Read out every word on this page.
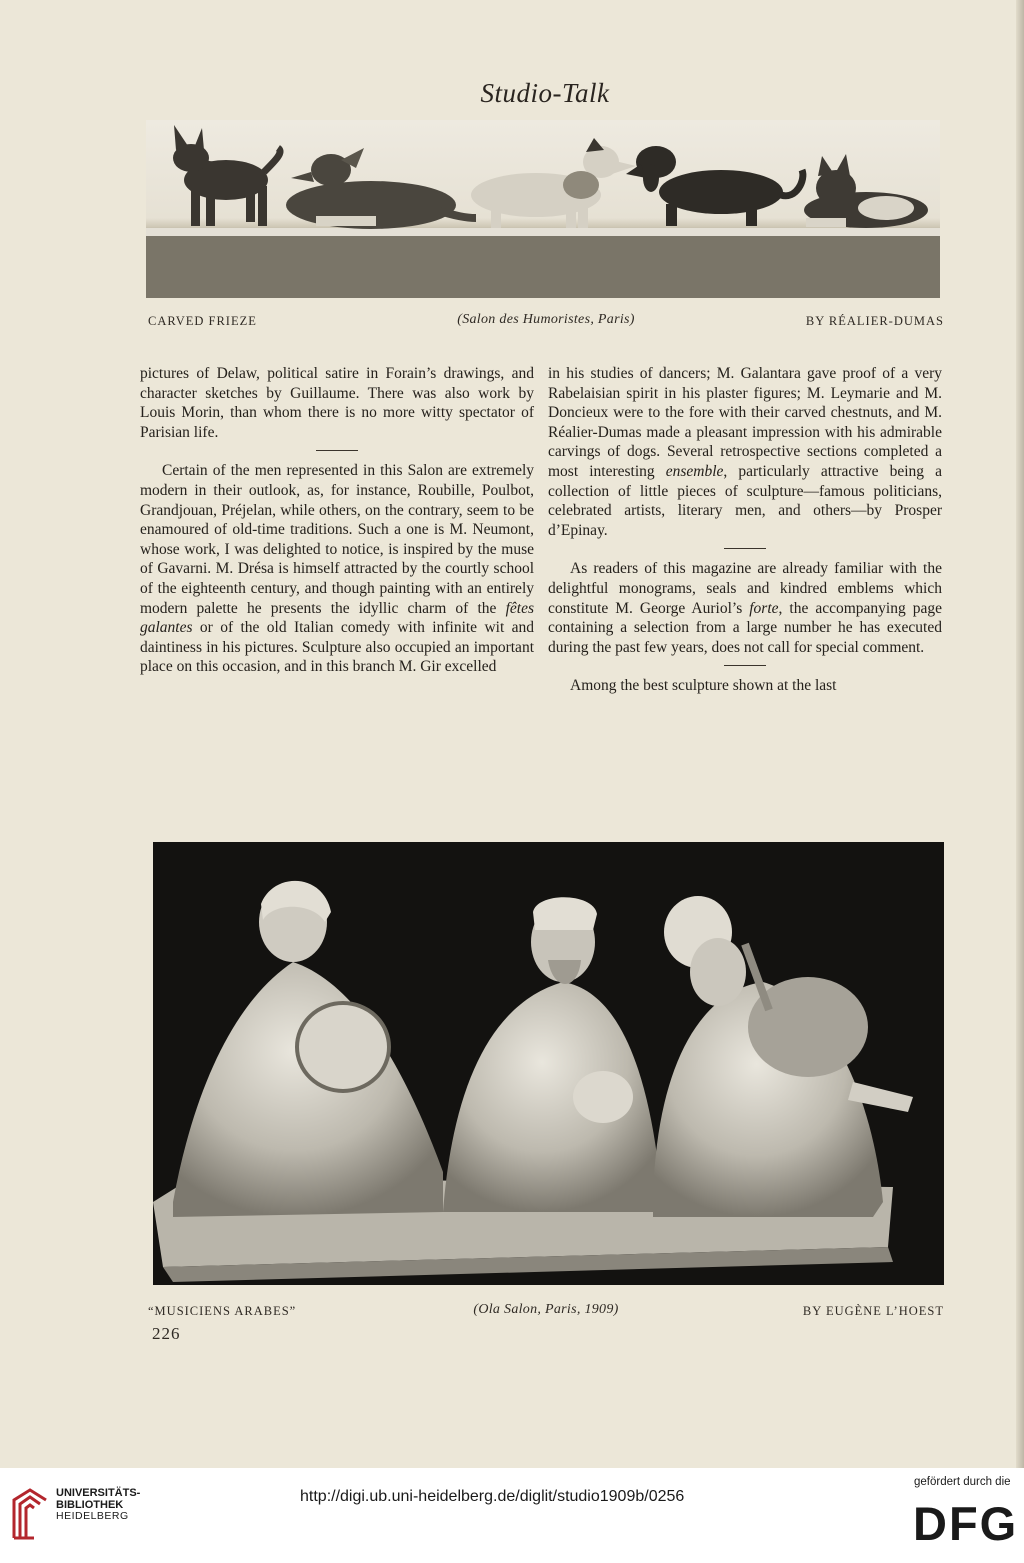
Studio-Talk
CARVED FRIEZE	(Salon des Humoristes, Paris)	BY RÉALIER-DUMAS

pictures of Delaw, political satire in Forain’s drawings, and character sketches by Guillaume. There was also work by Louis Morin, than whom there is no more witty spectator of Parisian life.

Certain of the men represented in this Salon are extremely modern in their outlook, as, for instance, Roubille, Poulbot, Grandjouan, Préjelan, while others, on the contrary, seem to be enamoured of old-time traditions. Such a one is M. Neumont, whose work, I was delighted to notice, is inspired by the muse of Gavarni. M. Drésa is himself attracted by the courtly school of the eighteenth century, and though painting with an entirely modern palette he presents the idyllic charm of the fêtes galantes or of the old Italian comedy with infinite wit and daintiness in his pictures. Sculpture also occupied an important place on this occasion, and in this branch M. Gir excelled

in his studies of dancers; M. Galantara gave proof of a very Rabelaisian spirit in his plaster figures; M. Leymarie and M. Doncieux were to the fore with their carved chestnuts, and M. Réalier-Dumas made a pleasant impression with his admirable carvings of dogs. Several retrospective sections completed a most interesting ensemble, particularly attractive being a collection of little pieces of sculpture—famous politicians, celebrated artists, literary men, and others—by Prosper d’Epinay.

As readers of this magazine are already familiar with the delightful monograms, seals and kindred emblems which constitute M. George Auriol’s forte, the accompanying page containing a selection from a large number he has executed during the past few years, does not call for special comment.

Among the best sculpture shown at the last

“MUSICIENS ARABES”	(Ola Salon, Paris, 1909)	BY EUGÈNE L’HOEST
226
UNIVERSITÄTS-
BIBLIOTHEK
HEIDELBERG
http://digi.ub.uni-heidelberg.de/diglit/studio1909b/0256
gefördert durch die
DFG
